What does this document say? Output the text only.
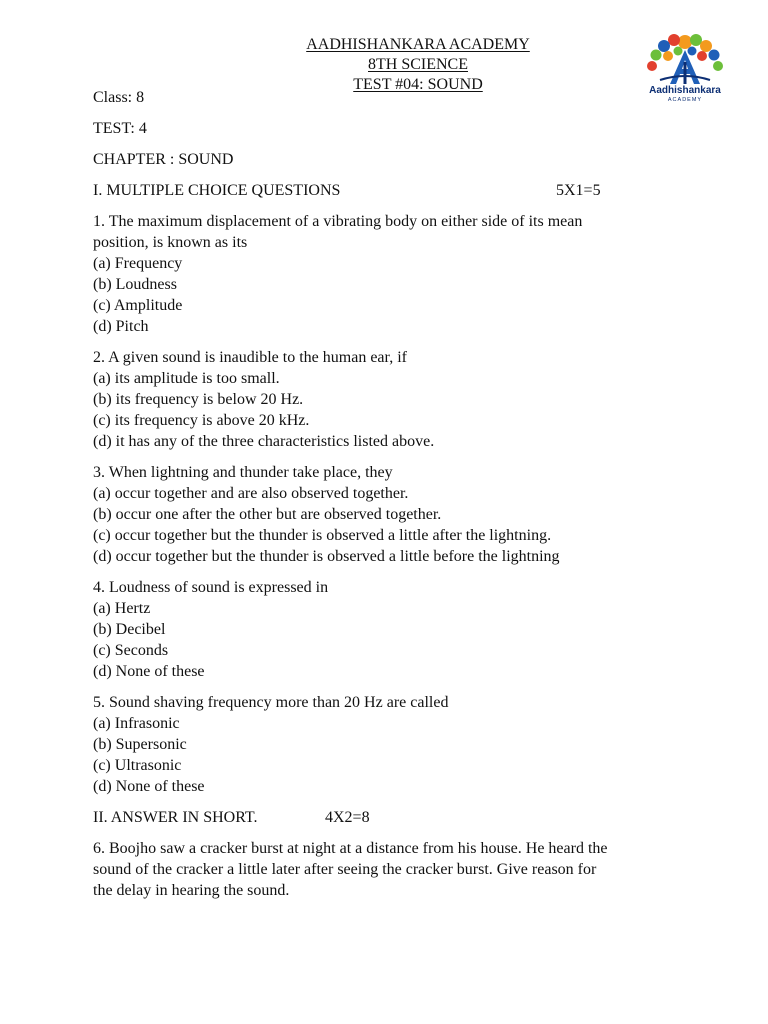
AADHISHANKARA ACADEMY
8TH SCIENCE
TEST #04: SOUND	Aadhishankara
ACADEMY
Class: 8
TEST: 4
CHAPTER : SOUND
I. MULTIPLE CHOICE QUESTIONS	5X1=5
1. The maximum displacement of a vibrating body on either side of its mean
position, is known as its
(a) Frequency
(b) Loudness
(c) Amplitude
(d) Pitch
2. A given sound is inaudible to the human ear, if
(a) its amplitude is too small.
(b) its frequency is below 20 Hz.
(c) its frequency is above 20 kHz.
(d) it has any of the three characteristics listed above.
3. When lightning and thunder take place, they
(a) occur together and are also observed together.
(b) occur one after the other but are observed together.
(c) occur together but the thunder is observed a little after the lightning.
(d) occur together but the thunder is observed a little before the lightning
4. Loudness of sound is expressed in
(a) Hertz
(b) Decibel
(c) Seconds
(d) None of these
5. Sound shaving frequency more than 20 Hz are called
(a) Infrasonic
(b) Supersonic
(c) Ultrasonic
(d) None of these
II. ANSWER IN SHORT.	4X2=8
6. Boojho saw a cracker burst at night at a distance from his house. He heard the
sound of the cracker a little later after seeing the cracker burst. Give reason for
the delay in hearing the sound.
